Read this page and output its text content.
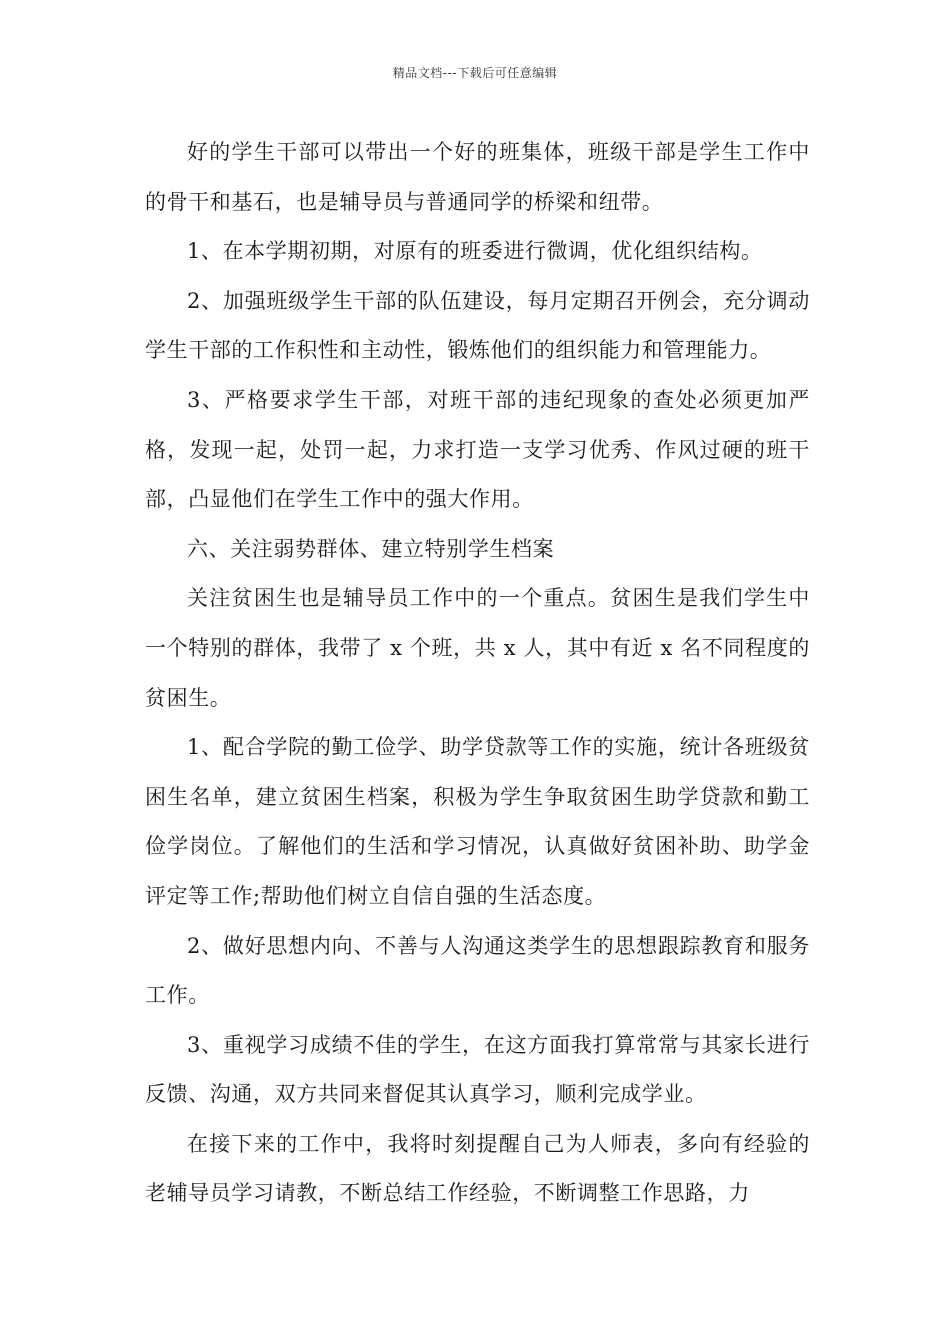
精品文档---下载后可任意编辑

好的学生干部可以带出一个好的班集体，班级干部是学生工作中的骨干和基石，也是辅导员与普通同学的桥梁和纽带。

1、在本学期初期，对原有的班委进行微调，优化组织结构。

2、加强班级学生干部的队伍建设，每月定期召开例会，充分调动学生干部的工作积性和主动性，锻炼他们的组织能力和管理能力。

3、严格要求学生干部，对班干部的违纪现象的查处必须更加严格，发现一起，处罚一起，力求打造一支学习优秀、作风过硬的班干部，凸显他们在学生工作中的强大作用。

六、关注弱势群体、建立特别学生档案

关注贫困生也是辅导员工作中的一个重点。贫困生是我们学生中一个特别的群体，我带了 x 个班，共 x 人，其中有近 x 名不同程度的贫困生。

1、配合学院的勤工俭学、助学贷款等工作的实施，统计各班级贫困生名单，建立贫困生档案，积极为学生争取贫困生助学贷款和勤工俭学岗位。了解他们的生活和学习情况，认真做好贫困补助、助学金评定等工作;帮助他们树立自信自强的生活态度。

2、做好思想内向、不善与人沟通这类学生的思想跟踪教育和服务工作。

3、重视学习成绩不佳的学生，在这方面我打算常常与其家长进行反馈、沟通，双方共同来督促其认真学习，顺利完成学业。

在接下来的工作中，我将时刻提醒自己为人师表，多向有经验的老辅导员学习请教，不断总结工作经验，不断调整工作思路，力
